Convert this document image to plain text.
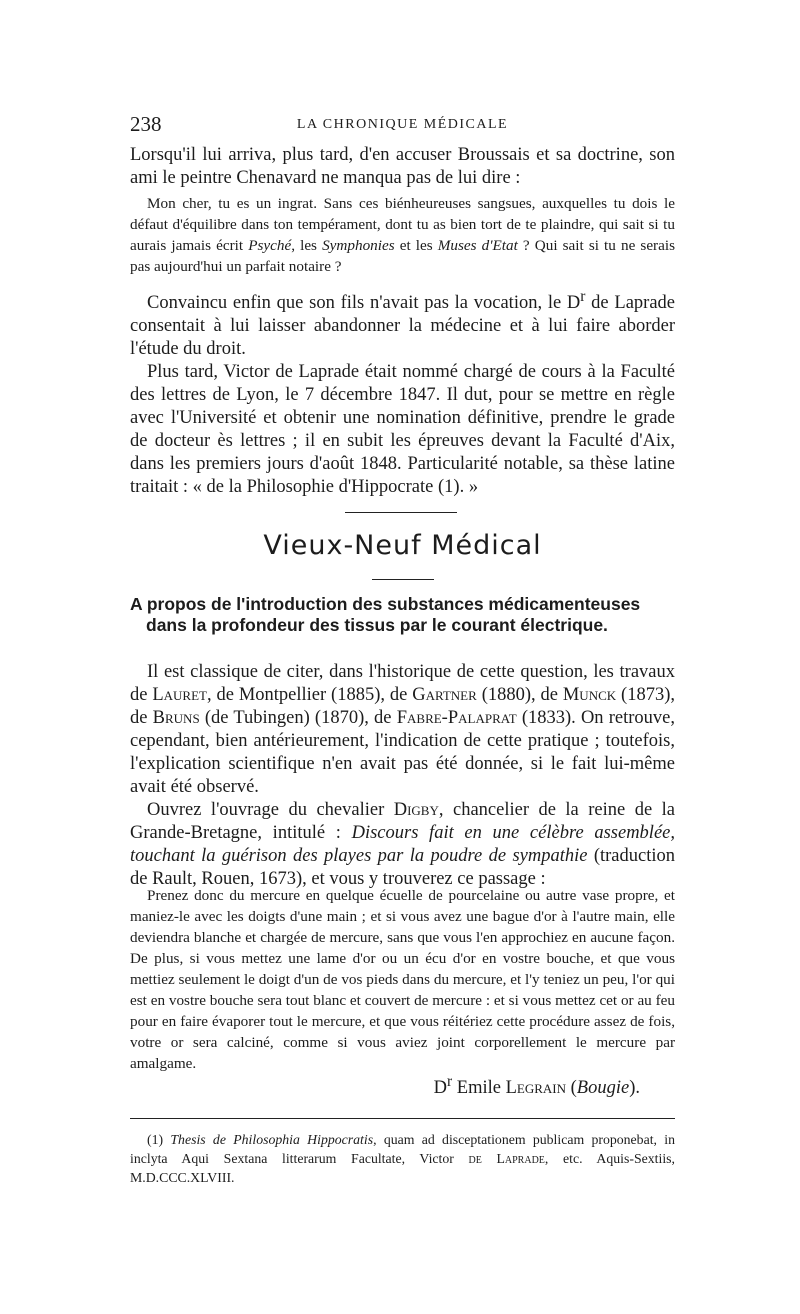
238	LA CHRONIQUE MÉDICALE

Lorsqu'il lui arriva, plus tard, d'en accuser Broussais et sa doctrine, son ami le peintre Chenavard ne manqua pas de lui dire :

Mon cher, tu es un ingrat. Sans ces biénheureuses sangsues, auxquelles tu dois le défaut d'équilibre dans ton tempérament, dont tu as bien tort de te plaindre, qui sait si tu aurais jamais écrit Psyché, les Symphonies et les Muses d'Etat ? Qui sait si tu ne serais pas aujourd'hui un parfait notaire ?

Convaincu enfin que son fils n'avait pas la vocation, le $D^r$ de Laprade consentait à lui laisser abandonner la médecine et à lui faire aborder l'étude du droit.

Plus tard, Victor de Laprade était nommé chargé de cours à la Faculté des lettres de Lyon, le 7 décembre 1847. Il dut, pour se mettre en règle avec l'Université et obtenir une nomination définitive, prendre le grade de docteur ès lettres ; il en subit les épreuves devant la Faculté d'Aix, dans les premiers jours d'août 1848. Particularité notable, sa thèse latine traitait : « de la Philosophie d'Hippocrate (1). »

Vieux-Neuf Médical
A propos de l'introduction des substances médicamenteuses dans la profondeur des tissus par le courant électrique.

Il est classique de citer, dans l'historique de cette question, les travaux de Lauret, de Montpellier (1885), de Gartner (1880), de Munck (1873), de Bruns (de Tubingen) (1870), de Fabre-Palaprat (1833). On retrouve, cependant, bien antérieurement, l'indication de cette pratique ; toutefois, l'explication scientifique n'en avait pas été donnée, si le fait lui-même avait été observé.

Ouvrez l'ouvrage du chevalier Digby, chancelier de la reine de la Grande-Bretagne, intitulé : Discours fait en une célèbre assemblée, touchant la guérison des playes par la poudre de sympathie (traduction de Rault, Rouen, 1673), et vous y trouverez ce passage :

Prenez donc du mercure en quelque écuelle de pourcelaine ou autre vase propre, et maniez-le avec les doigts d'une main ; et si vous avez une bague d'or à l'autre main, elle deviendra blanche et chargée de mercure, sans que vous l'en approchiez en aucune façon. De plus, si vous mettez une lame d'or ou un écu d'or en vostre bouche, et que vous mettiez seulement le doigt d'un de vos pieds dans du mercure, et l'y teniez un peu, l'or qui est en vostre bouche sera tout blanc et couvert de mercure : et si vous mettez cet or au feu pour en faire évaporer tout le mercure, et que vous réitériez cette procédure assez de fois, votre or sera calciné, comme si vous aviez joint corporellement le mercure par amalgame.

$D^r$ Emile Legrain (Bougie).
(1) Thesis de Philosophia Hippocratis, quam ad disceptationem publicam proponebat, in inclyta Aqui Sextana litterarum Facultate, Victor de Laprade, etc. Aquis-Sextiis, M.D.CCC.XLVIII.
